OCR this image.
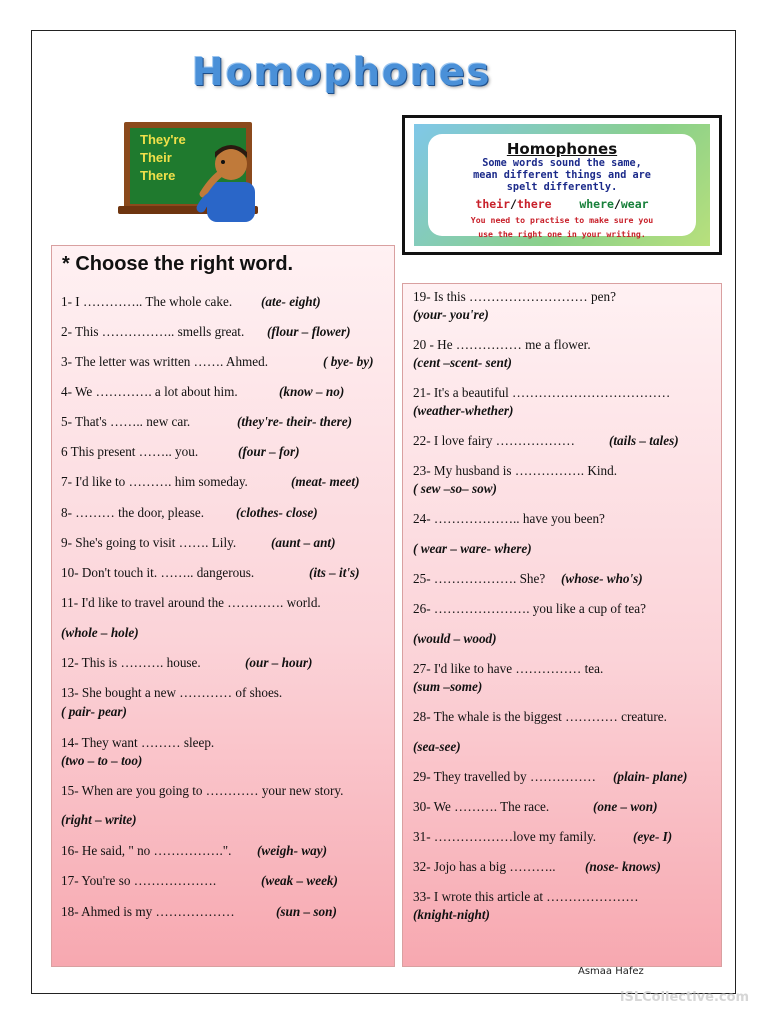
Homophones
They're
Their
There
Homophones
Some words sound the same,
mean different things and are
spelt differently.
their/there where/wear
You need to practise to make sure you
use the right one in your writing.
* Choose the right word.
1- I ………….. The whole cake. (ate- eight)
2- This …………….. smells great. (flour – flower)
3- The letter was written ……. Ahmed.	( bye- by)
4- We …………. a lot about him.	(know – no)
5- That's …….. new car.	(they're- their- there)
6 This present …….. you.	(four – for)
7- I'd like to ………. him someday.	(meat- meet)
8- ……… the door, please. (clothes- close)
9- She's going to visit ……. Lily.	(aunt – ant)
10- Don't touch it. …….. dangerous.	(its – it's)
11- I'd like to travel around the …………. world.
(whole – hole)
12- This is ………. house.	(our – hour)
13- She bought a new ………… of shoes.
( pair- pear)
14- They want ……… sleep.
(two – to – too)
15- When are you going to ………… your new story.
(right – write)
16- He said, " no …………….". (weigh- way)
17- You're so ……………….	(weak – week)
18- Ahmed is my ………………	(sun – son)
19- Is this ……………………… pen?
(your- you're)
20 - He …………… me a flower.
(cent –scent- sent)
21- It's a beautiful ………………………………
(weather-whether)
22- I love fairy ………………	(tails – tales)
23- My husband is ……………. Kind.
( sew –so– sow)
24- ……………….. have you been?
( wear – ware- where)
25- ………………. She? (whose- who's)
26- …………………. you like a cup of tea?
(would – wood)
27- I'd like to have …………… tea.
(sum –some)
28- The whale is the biggest ………… creature.
(sea-see)
29- They travelled by …………… (plain- plane)
30- We ………. The race.	(one – won)
31- ………………love my family.	(eye- I)
32- Jojo has a big ……….. (nose- knows)
33- I wrote this article at …………………
(knight-night)
Asmaa Hafez
iSLCollective.com
